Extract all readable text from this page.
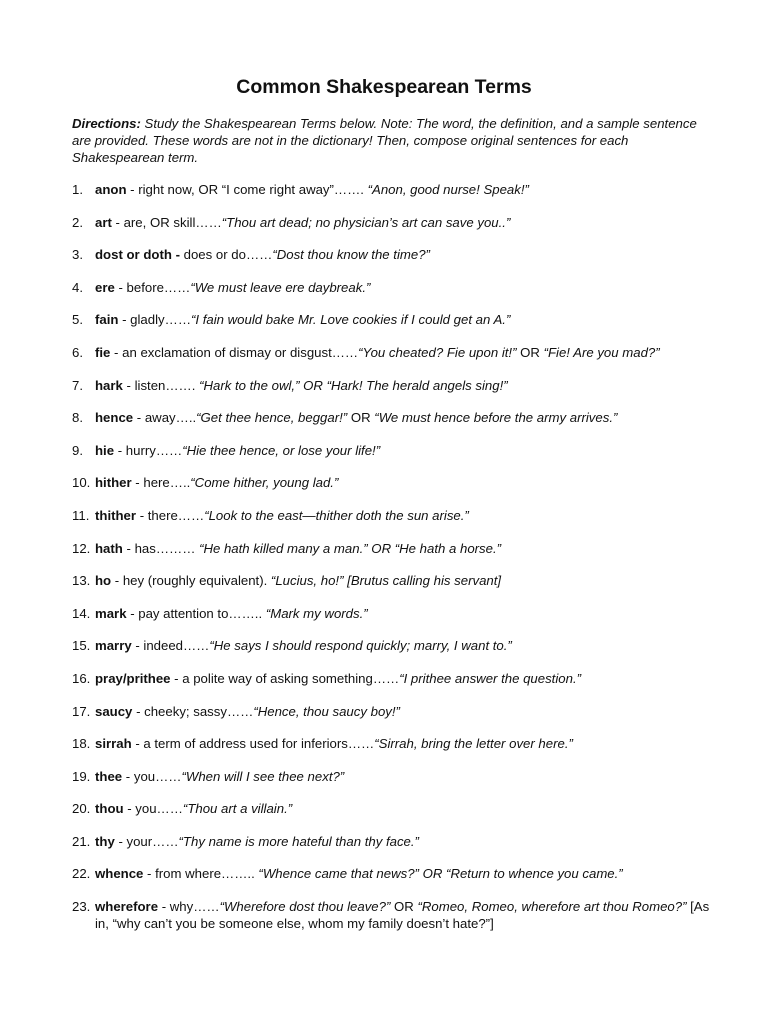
Common Shakespearean Terms

Directions: Study the Shakespearean Terms below. Note: The word, the definition, and a sample sentence are provided. These words are not in the dictionary! Then, compose original sentences for each Shakespearean term.

1. anon - right now, OR “I come right away”……. “Anon, good nurse! Speak!”
2. art - are, OR skill……“Thou art dead; no physician’s art can save you..”
3. dost or doth - does or do……“Dost thou know the time?”
4. ere - before……“We must leave ere daybreak.”
5. fain - gladly……“I fain would bake Mr. Love cookies if I could get an A.”
6. fie - an exclamation of dismay or disgust……“You cheated? Fie upon it!” OR “Fie! Are you mad?”
7. hark - listen……. “Hark to the owl,” OR “Hark! The herald angels sing!”
8. hence - away…..“Get thee hence, beggar!” OR “We must hence before the army arrives.”
9. hie - hurry……“Hie thee hence, or lose your life!”
10. hither - here…..“Come hither, young lad.”
11. thither - there……“Look to the east—thither doth the sun arise.”
12. hath - has……… “He hath killed many a man.” OR “He hath a horse.”
13. ho - hey (roughly equivalent). “Lucius, ho!” [Brutus calling his servant]
14. mark - pay attention to…….. “Mark my words.”
15. marry - indeed……“He says I should respond quickly; marry, I want to.”
16. pray/prithee - a polite way of asking something……“I prithee answer the question.”
17. saucy - cheeky; sassy……“Hence, thou saucy boy!”
18. sirrah - a term of address used for inferiors……“Sirrah, bring the letter over here.”
19. thee - you……“When will I see thee next?”
20. thou - you……“Thou art a villain.”
21. thy - your……“Thy name is more hateful than thy face.”
22. whence - from where…….. “Whence came that news?” OR “Return to whence you came.”
23. wherefore - why……“Wherefore dost thou leave?” OR “Romeo, Romeo, wherefore art thou Romeo?” [As in, “why can’t you be someone else, whom my family doesn’t hate?”]
